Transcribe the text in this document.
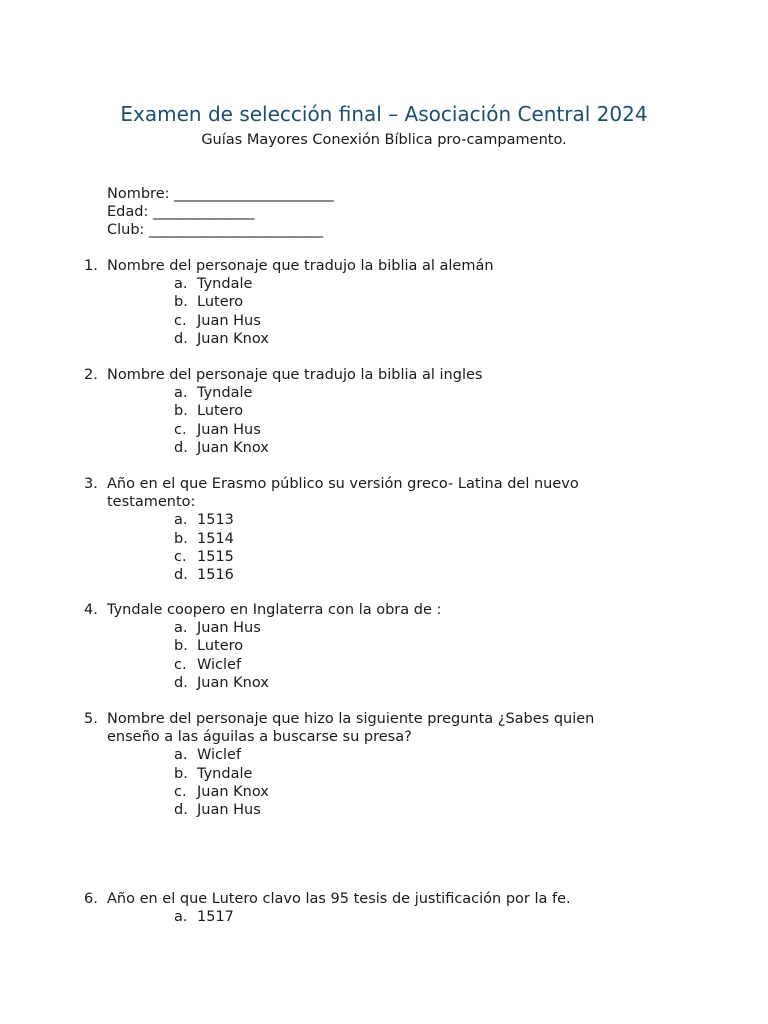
Examen de selección final – Asociación Central 2024
Guías Mayores Conexión Bíblica pro-campamento.
Nombre: ______________________
Edad: ______________
Club: ________________________
1. Nombre del personaje que tradujo la biblia al alemán
a. Tyndale
b. Lutero
c. Juan Hus
d. Juan Knox
2. Nombre del personaje que tradujo la biblia al ingles
a. Tyndale
b. Lutero
c. Juan Hus
d. Juan Knox
3. Año en el que Erasmo público su versión greco- Latina del nuevo testamento:
a. 1513
b. 1514
c. 1515
d. 1516
4. Tyndale coopero en Inglaterra con la obra de :
a. Juan Hus
b. Lutero
c. Wiclef
d. Juan Knox
5. Nombre del personaje que hizo la siguiente pregunta ¿Sabes quien enseño a las águilas a buscarse su presa?
a. Wiclef
b. Tyndale
c. Juan Knox
d. Juan Hus
6. Año en el que Lutero clavo las 95 tesis de justificación por la fe.
a. 1517
